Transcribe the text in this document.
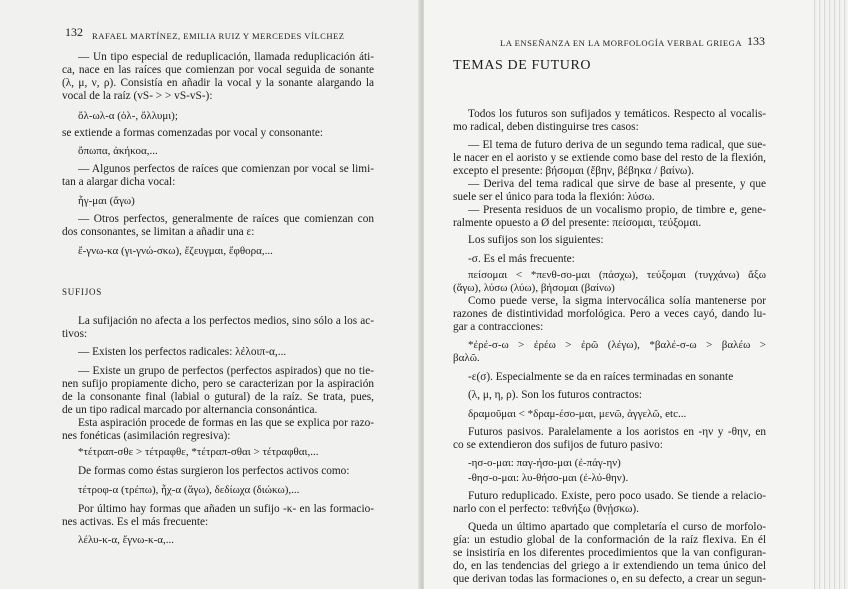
132 RAFAEL MARTÍNEZ, EMILIA RUIZ Y MERCEDES VÍLCHEZ
— Un tipo especial de reduplicación, llamada reduplicación áti-
ca, nace en las raíces que comienzan por vocal seguida de sonante
(λ, μ, ν, ρ). Consistía en añadir la vocal y la sonante alargando la
vocal de la raíz (vS- > > vS-vS-):
ὄλ-ωλ-α (ὀλ-, ὄλλυμι);
se extiende a formas comenzadas por vocal y consonante:
ὄπωπα, ἀκήκοα,...
— Algunos perfectos de raíces que comienzan por vocal se limi-
tan a alargar dicha vocal:
ἦγ-μαι (ἄγω)
— Otros perfectos, generalmente de raíces que comienzan con
dos consonantes, se limitan a añadir una ε:
ἔ-γνω-κα (γι-γνώ-σκω), ἔζευγμαι, ἔφθορα,...
SUFIJOS
La sufijación no afecta a los perfectos medios, sino sólo a los ac-
tivos:
— Existen los perfectos radicales: λέλοιπ-α,...
— Existe un grupo de perfectos (perfectos aspirados) que no tie-
nen sufijo propiamente dicho, pero se caracterizan por la aspiración
de la consonante final (labial o gutural) de la raíz. Se trata, pues,
de un tipo radical marcado por alternancia consonántica.
Esta aspiración procede de formas en las que se explica por razo-
nes fonéticas (asimilación regresiva):
*τέτραπ-σθε > τέτραφθε, *τέτραπ-σθαι > τέτραφθαι,...
De formas como éstas surgieron los perfectos activos como:
τέτροφ-α (τρέπω), ἦχ-α (ἄγω), δεδίωχα (διώκω),...
Por último hay formas que añaden un sufijo -κ- en las formacio-
nes activas. Es el más frecuente:
λέλυ-κ-α, ἔγνω-κ-α,...
LA ENSEÑANZA EN LA MORFOLOGÍA VERBAL GRIEGA 133
TEMAS DE FUTURO
Todos los futuros son sufijados y temáticos. Respecto al vocalis-
mo radical, deben distinguirse tres casos:
— El tema de futuro deriva de un segundo tema radical, que sue-
le nacer en el aoristo y se extiende como base del resto de la flexión,
excepto el presente: βήσομαι (ἔβην, βέβηκα / βαίνω).
— Deriva del tema radical que sirve de base al presente, y que
suele ser el único para toda la flexión: λύσω.
— Presenta residuos de un vocalismo propio, de timbre e, gene-
ralmente opuesto a Ø del presente: πείσομαι, τεύξομαι.
Los sufijos son los siguientes:
-σ. Es el más frecuente:
πείσομαι < *πενθ-σο-μαι (πάσχω), τεύξομαι (τυγχάνω) ἄξω
(ἄγω), λύσω (λύω), βήσομαι (βαίνω)
Como puede verse, la sigma intervocálica solía mantenerse por
razones de distintividad morfológica. Pero a veces cayó, dando lu-
gar a contracciones:
*ἐρέ-σ-ω > ἐρέω > ἐρῶ (λέγω), *βαλέ-σ-ω > βαλέω >
βαλῶ.
-ε(σ). Especialmente se da en raíces terminadas en sonante
(λ, μ, η, ρ). Son los futuros contractos:
δραμοῦμαι < *δραμ-έσο-μαι, μενῶ, ἀγγελῶ, etc...
Futuros pasivos. Paralelamente a los aoristos en -ην y -θην, en
co se extendieron dos sufijos de futuro pasivo:
-ησ-ο-μαι: παγ-ήσο-μαι (ἐ-πάγ-ην)
-θησ-ο-μαι: λυ-θήσο-μαι (ἐ-λύ-θην).
Futuro reduplicado. Existe, pero poco usado. Se tiende a relacio-
narlo con el perfecto: τεθνήξω (θνῄσκω).
Queda un último apartado que completaría el curso de morfolo-
gía: un estudio global de la conformación de la raíz flexiva. En él
se insistiría en los diferentes procedimientos que la van configuran-
do, en las tendencias del griego a ir extendiendo un tema único del
que derivan todas las formaciones o, en su defecto, a crear un segun-
